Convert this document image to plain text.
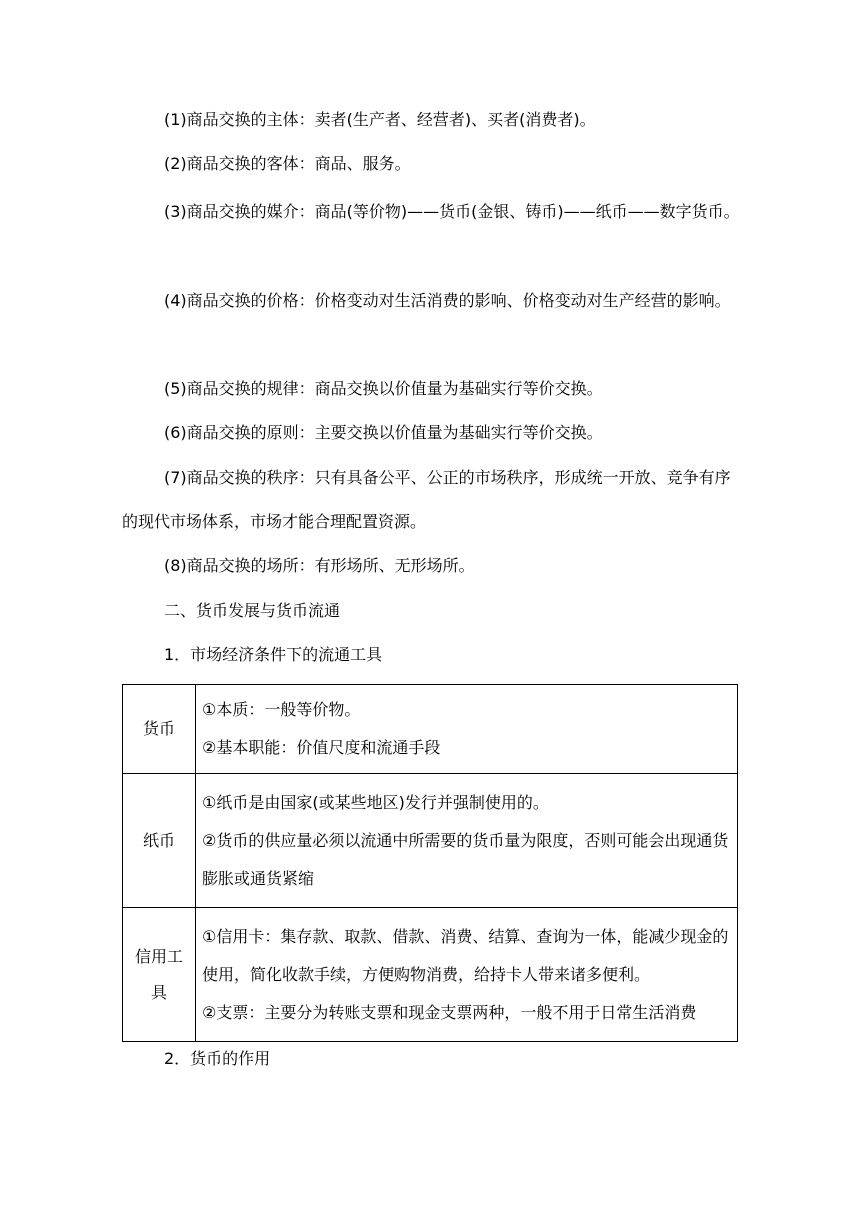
(1)商品交换的主体：卖者(生产者、经营者)、买者(消费者)。

(2)商品交换的客体：商品、服务。

(3)商品交换的媒介：商品(等价物)——货币(金银、铸币)——纸币——数字货币。

(4)商品交换的价格：价格变动对生活消费的影响、价格变动对生产经营的影响。

(5)商品交换的规律：商品交换以价值量为基础实行等价交换。

(6)商品交换的原则：主要交换以价值量为基础实行等价交换。

(7)商品交换的秩序：只有具备公平、公正的市场秩序，形成统一开放、竞争有序的现代市场体系，市场才能合理配置资源。

(8)商品交换的场所：有形场所、无形场所。

二、货币发展与货币流通

1．市场经济条件下的流通工具

货币	①本质：一般等价物。
②基本职能：价值尺度和流通手段

纸币	①纸币是由国家(或某些地区)发行并强制使用的。
②货币的供应量必须以流通中所需要的货币量为限度，否则可能会出现通货膨胀或通货紧缩

信用工具	①信用卡：集存款、取款、借款、消费、结算、查询为一体，能减少现金的使用，简化收款手续，方便购物消费，给持卡人带来诸多便利。
②支票：主要分为转账支票和现金支票两种，一般不用于日常生活消费

2．货币的作用
